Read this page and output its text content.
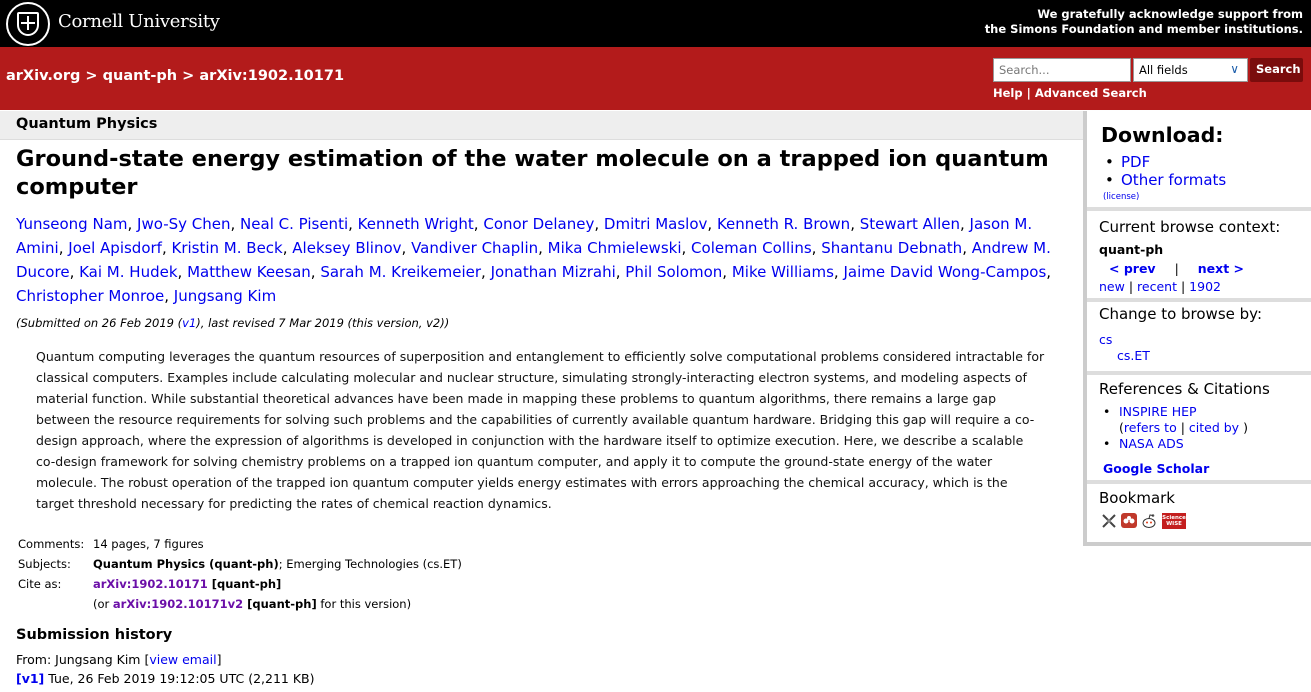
Cornell University	We gratefully acknowledge support from
the Simons Foundation and member institutions.
arXiv.org > quant-ph > arXiv:1902.10171	Search...	All fields	∨	Search
Help | Advanced Search
Quantum Physics
Ground-state energy estimation of the water molecule on a trapped ion quantum computer
Yunseong Nam, Jwo-Sy Chen, Neal C. Pisenti, Kenneth Wright, Conor Delaney, Dmitri Maslov, Kenneth R. Brown, Stewart Allen, Jason M. Amini, Joel Apisdorf, Kristin M. Beck, Aleksey Blinov, Vandiver Chaplin, Mika Chmielewski, Coleman Collins, Shantanu Debnath, Andrew M. Ducore, Kai M. Hudek, Matthew Keesan, Sarah M. Kreikemeier, Jonathan Mizrahi, Phil Solomon, Mike Williams, Jaime David Wong-Campos, Christopher Monroe, Jungsang Kim
(Submitted on 26 Feb 2019 (v1), last revised 7 Mar 2019 (this version, v2))

Quantum computing leverages the quantum resources of superposition and entanglement to efficiently solve computational problems considered intractable for classical computers. Examples include calculating molecular and nuclear structure, simulating strongly-interacting electron systems, and modeling aspects of material function. While substantial theoretical advances have been made in mapping these problems to quantum algorithms, there remains a large gap between the resource requirements for solving such problems and the capabilities of currently available quantum hardware. Bridging this gap will require a co-design approach, where the expression of algorithms is developed in conjunction with the hardware itself to optimize execution. Here, we describe a scalable co-design framework for solving chemistry problems on a trapped ion quantum computer, and apply it to compute the ground-state energy of the water molecule. The robust operation of the trapped ion quantum computer yields energy estimates with errors approaching the chemical accuracy, which is the target threshold necessary for predicting the rates of chemical reaction dynamics.

Comments:	14 pages, 7 figures
Subjects:	Quantum Physics (quant-ph); Emerging Technologies (cs.ET)
Cite as:	arXiv:1902.10171 [quant-ph]
(or arXiv:1902.10171v2 [quant-ph] for this version)
Submission history
From: Jungsang Kim [view email]
[v1] Tue, 26 Feb 2019 19:12:05 UTC (2,211 KB)
Download:
• PDF
• Other formats
(license)
Current browse context:
quant-ph
< prev | next >
new | recent | 1902
Change to browse by:
cs
cs.ET
References & Citations
• INSPIRE HEP
(refers to | cited by )
• NASA ADS
Google Scholar
Bookmark
Science WISE
